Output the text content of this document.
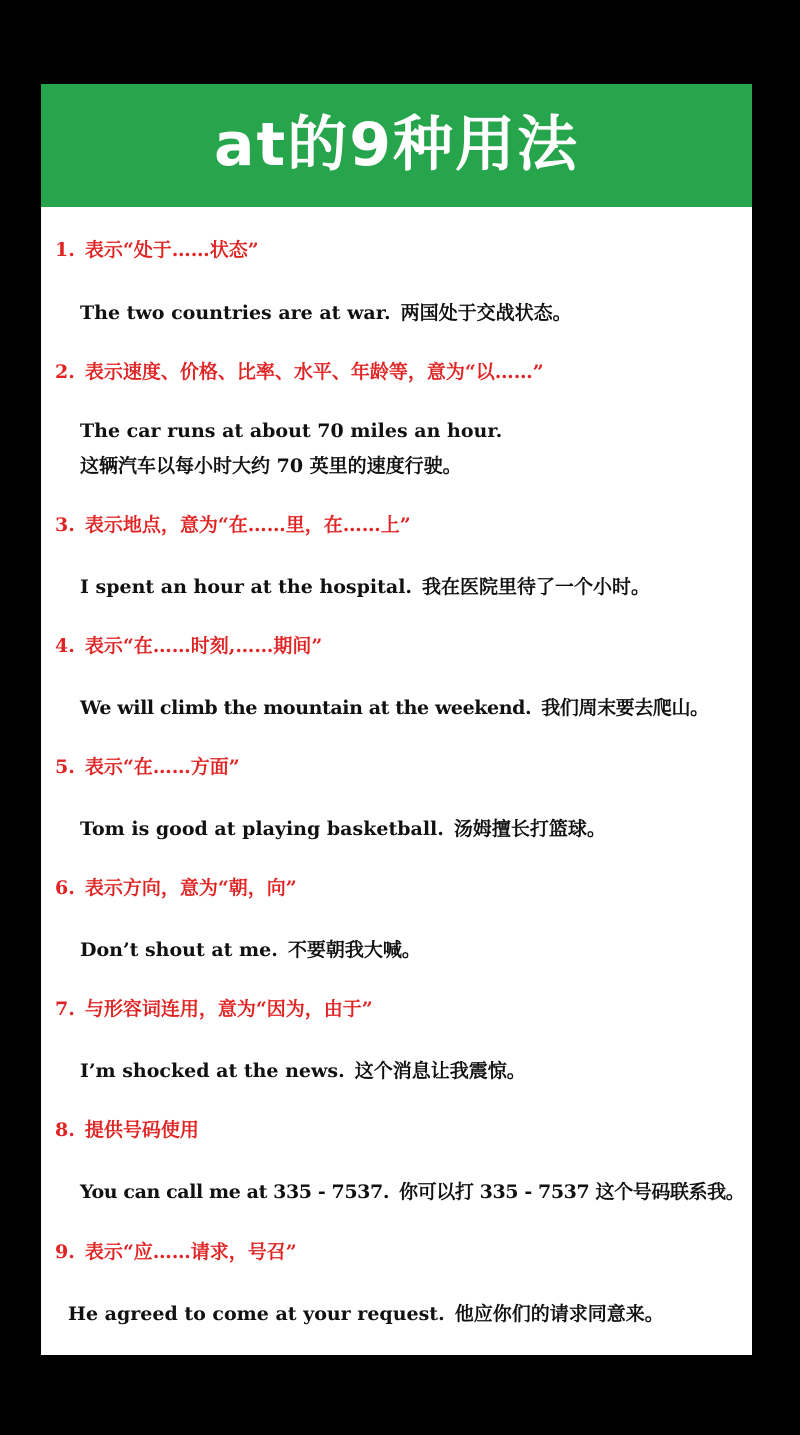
at的9种用法
1. 表示“处于……状态”
The two countries are at war. 两国处于交战状态。
2. 表示速度、价格、比率、水平、年龄等，意为“以……”
The car runs at about 70 miles an hour.
这辆汽车以每小时大约 70 英里的速度行驶。
3. 表示地点，意为“在……里，在……上”
I spent an hour at the hospital. 我在医院里待了一个小时。
4. 表示“在……时刻,……期间”
We will climb the mountain at the weekend. 我们周末要去爬山。
5. 表示“在……方面”
Tom is good at playing basketball. 汤姆擅长打篮球。
6. 表示方向，意为“朝，向”
Don’t shout at me. 不要朝我大喊。
7. 与形容词连用，意为“因为，由于”
I’m shocked at the news. 这个消息让我震惊。
8. 提供号码使用
You can call me at 335 - 7537. 你可以打 335 - 7537 这个号码联系我。
9. 表示“应……请求，号召”
He agreed to come at your request. 他应你们的请求同意来。
